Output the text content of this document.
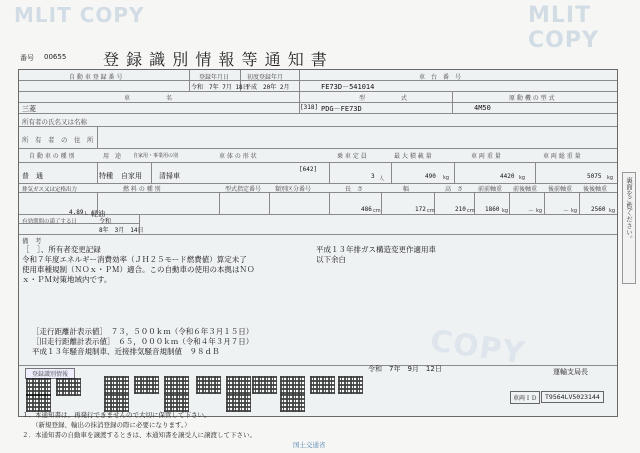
MLIT COPY	MLIT COPY
COPY
番号 00655 登 録 識 別 情 報 等 通 知 書
自 動 車 登 録 番 号	登録年月日	初度登録年月	車　台　番　号
令和　7年 7月 18日
平成　20年 2月	FE73D－541014
車　　　　　　名	型　　　　　　式	原 動 機 の 型 式
三菱	[318] PDG－FE73D	4M50
所有者の氏名又は名称
所　有　者　の　住　所
自 動 車 の 種 別	用　途 自家用・事業用の別	車 体 の 形 状	乗 車 定 員	最 大 積 載 量	車 両 重 量	車 両 総 重 量
普　通	特種 自家用
[642]
清掃車	3 人	490 kg	4420 kg	5075 kg
排気ガス又は定格出力	燃 料 の 種 別	型式指定番号 類別区分番号	長　さ	幅	高　さ 前前軸重 前後軸重 後前軸重 後後軸重
4.89 L 軽油
486 cm	172 cm	210 cm 1860 kg	－ kg	－ kg 2560 kg
有効期間の満了する日	令和
8年　3月　14日
備　考
［　］、所有者変更記録
令和７年度エネルギー消費効率（ＪＨ２５モード燃費値）算定未了
使用車種規制（ＮＯｘ・ＰＭ）適合。この自動車の使用の本拠はＮＯ
ｘ・ＰＭ対策地域内です。
平成１３年排ガス構造変更作適用車
以下余白
［走行距離計表示値］　７３，５００ｋｍ（令和６年３月１５日）
［旧走行距離計表示値］　６５，０００ｋｍ（令和４年３月７日）
平成１３年騒音規制車、近接排気騒音規制値　９８ｄＢ
登録識別情報
令和　7年　9月　12日	運輸支局長
車両ＩＤ	T9564LV5023144
１．本通知書は、再発行できませんので大切に保管して下さい。
（新規登録、輸出の抹消登録の際に必要になります。）
２．本通知書の自動車を譲渡するときは、本通知書を譲受人に譲渡して下さい。
国土交通省
裏面をご覧ください。
